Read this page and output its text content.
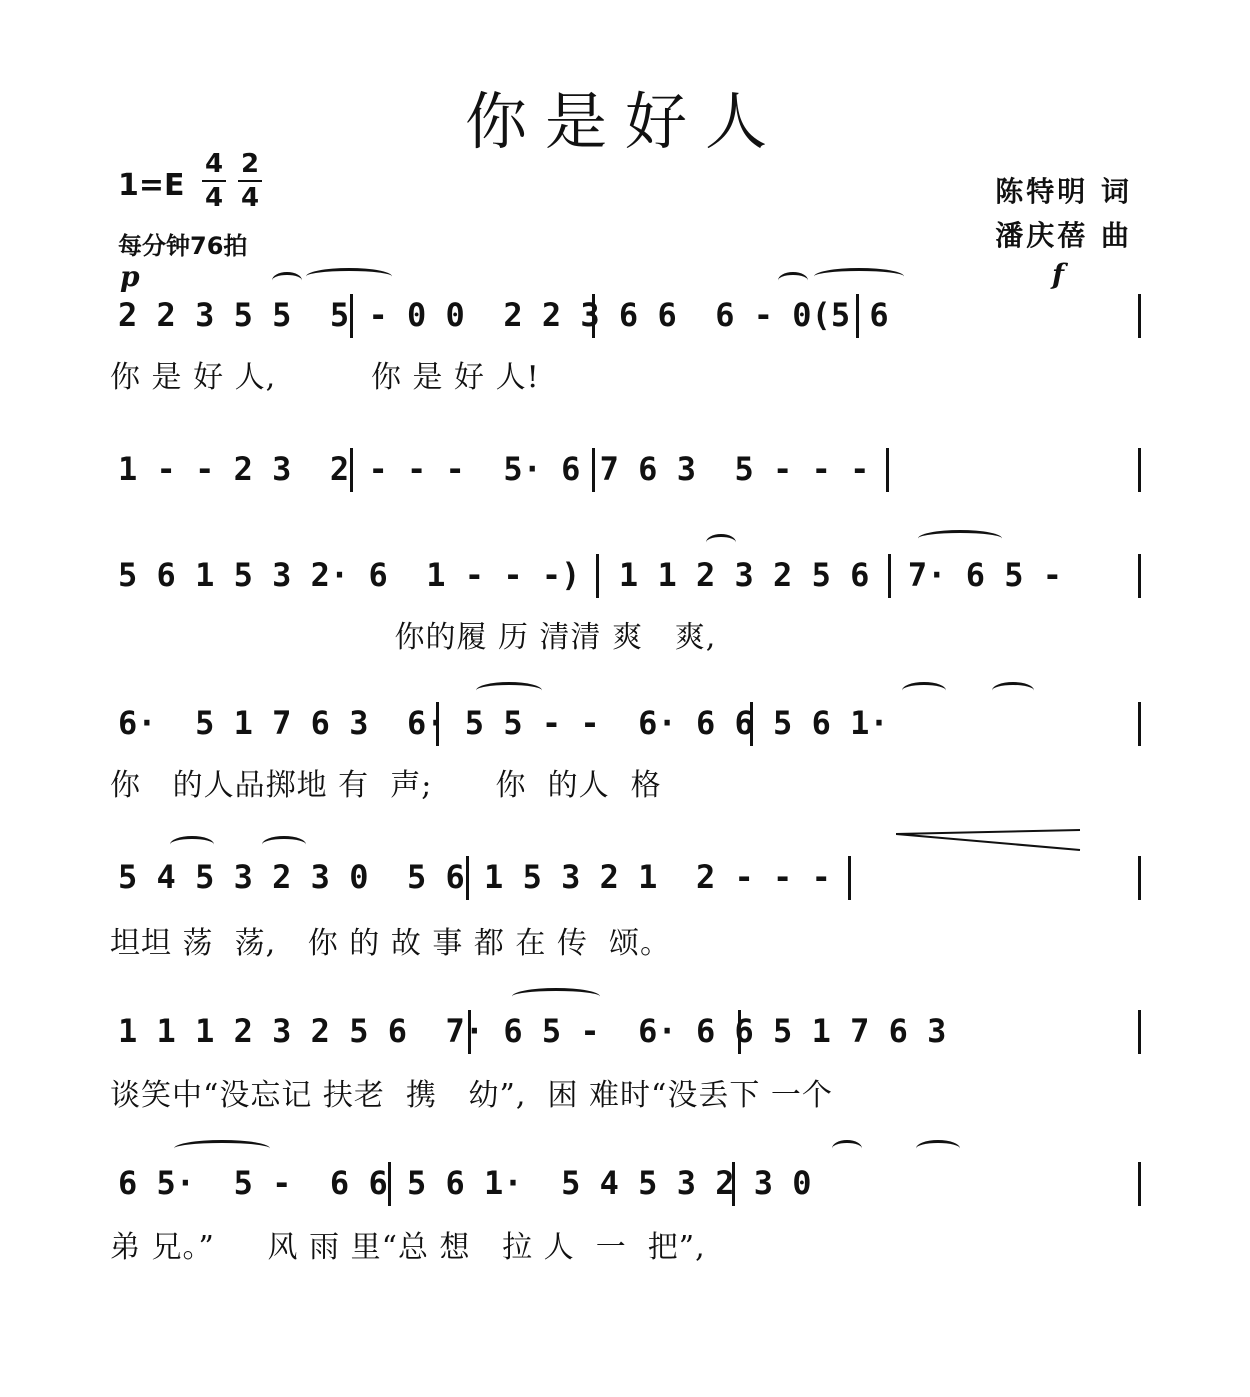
你是好人
1=E
4
4
2
4
每分钟76拍
陈特明 词
潘庆蓓 曲
p	f
2 2 3 5 5  5 - 0 0  2 2 3 6 6  6 - 0(5 6
你 是 好 人,         你 是 好 人!
1 - - 2 3  2 - - -  5· 6 7 6 3  5 - - -
5 6 1 5 3 2· 6  1 - - -)  1 1 2 3 2 5 6  7· 6 5 -
你的履 历 清清 爽   爽,
6·  5 1 7 6 3  6· 5 5 - -  6· 6 6 5 6 1·
你   的人品掷地 有  声;      你  的人  格
5 4 5 3 2 3 0  5 6 1 5 3 2 1  2 - - -
坦坦 荡  荡,   你 的 故 事 都 在 传  颂。
1 1 1 2 3 2 5 6  7· 6 5 -  6· 6 6 5 1 7 6 3
谈笑中“没忘记 扶老  携   幼”,  困 难时“没丢下 一个
6 5·  5 -  6 6 5 6 1·  5 4 5 3 2 3 0
弟 兄。”     风 雨 里“总 想   拉 人  一  把”,
